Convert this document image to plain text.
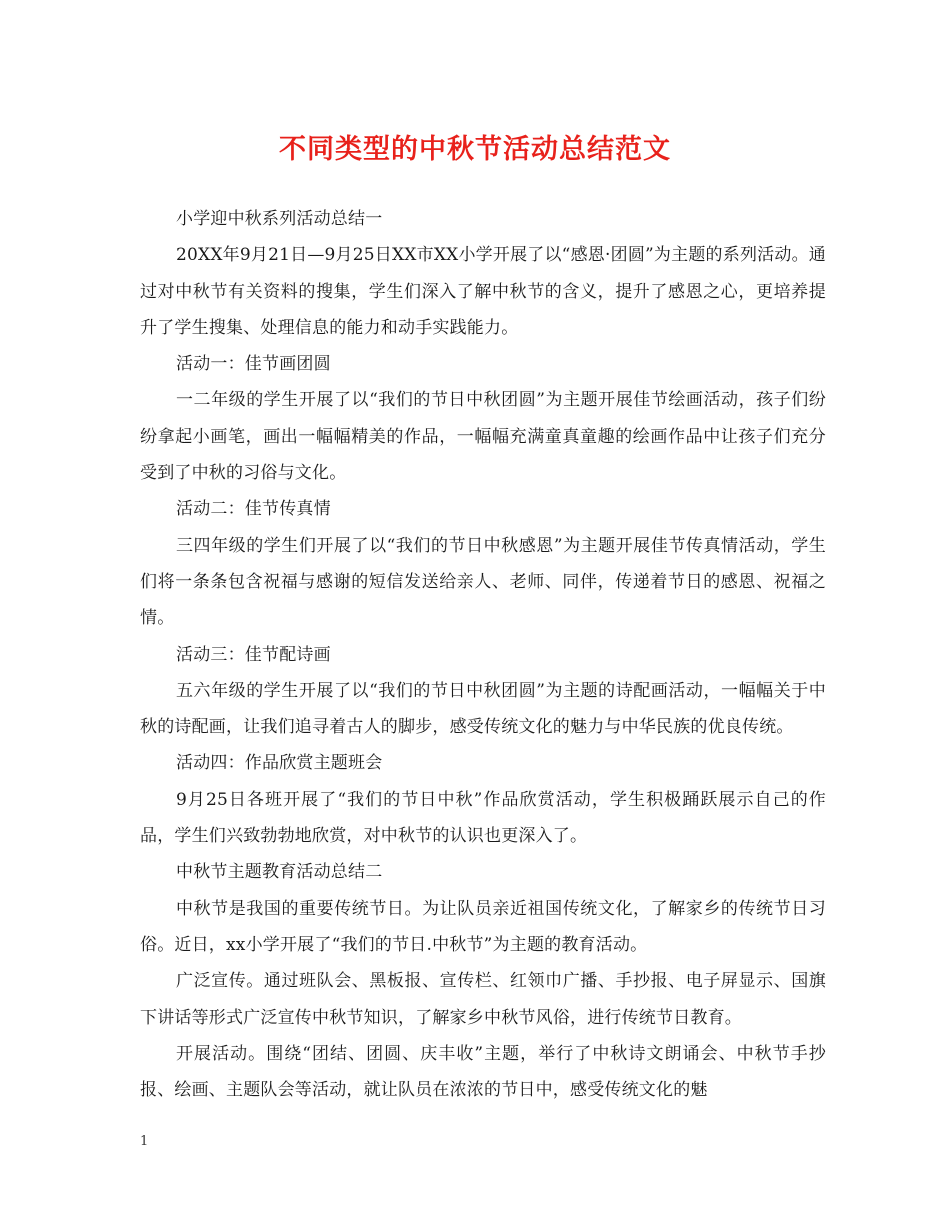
不同类型的中秋节活动总结范文

小学迎中秋系列活动总结一

20XX年9月21日—9月25日XX市XX小学开展了以“感恩·团圆”为主题的系列活动。通过对中秋节有关资料的搜集，学生们深入了解中秋节的含义，提升了感恩之心，更培养提升了学生搜集、处理信息的能力和动手实践能力。

活动一：佳节画团圆

一二年级的学生开展了以“我们的节日中秋团圆”为主题开展佳节绘画活动，孩子们纷纷拿起小画笔，画出一幅幅精美的作品，一幅幅充满童真童趣的绘画作品中让孩子们充分受到了中秋的习俗与文化。

活动二：佳节传真情

三四年级的学生们开展了以“我们的节日中秋感恩”为主题开展佳节传真情活动，学生们将一条条包含祝福与感谢的短信发送给亲人、老师、同伴，传递着节日的感恩、祝福之情。

活动三：佳节配诗画

五六年级的学生开展了以“我们的节日中秋团圆”为主题的诗配画活动，一幅幅关于中秋的诗配画，让我们追寻着古人的脚步，感受传统文化的魅力与中华民族的优良传统。

活动四：作品欣赏主题班会

9月25日各班开展了“我们的节日中秋”作品欣赏活动，学生积极踊跃展示自己的作品，学生们兴致勃勃地欣赏，对中秋节的认识也更深入了。

中秋节主题教育活动总结二

中秋节是我国的重要传统节日。为让队员亲近祖国传统文化，了解家乡的传统节日习俗。近日，xx小学开展了“我们的节日.中秋节”为主题的教育活动。

广泛宣传。通过班队会、黑板报、宣传栏、红领巾广播、手抄报、电子屏显示、国旗下讲话等形式广泛宣传中秋节知识，了解家乡中秋节风俗，进行传统节日教育。

开展活动。围绕“团结、团圆、庆丰收”主题，举行了中秋诗文朗诵会、中秋节手抄报、绘画、主题队会等活动，就让队员在浓浓的节日中，感受传统文化的魅

1
